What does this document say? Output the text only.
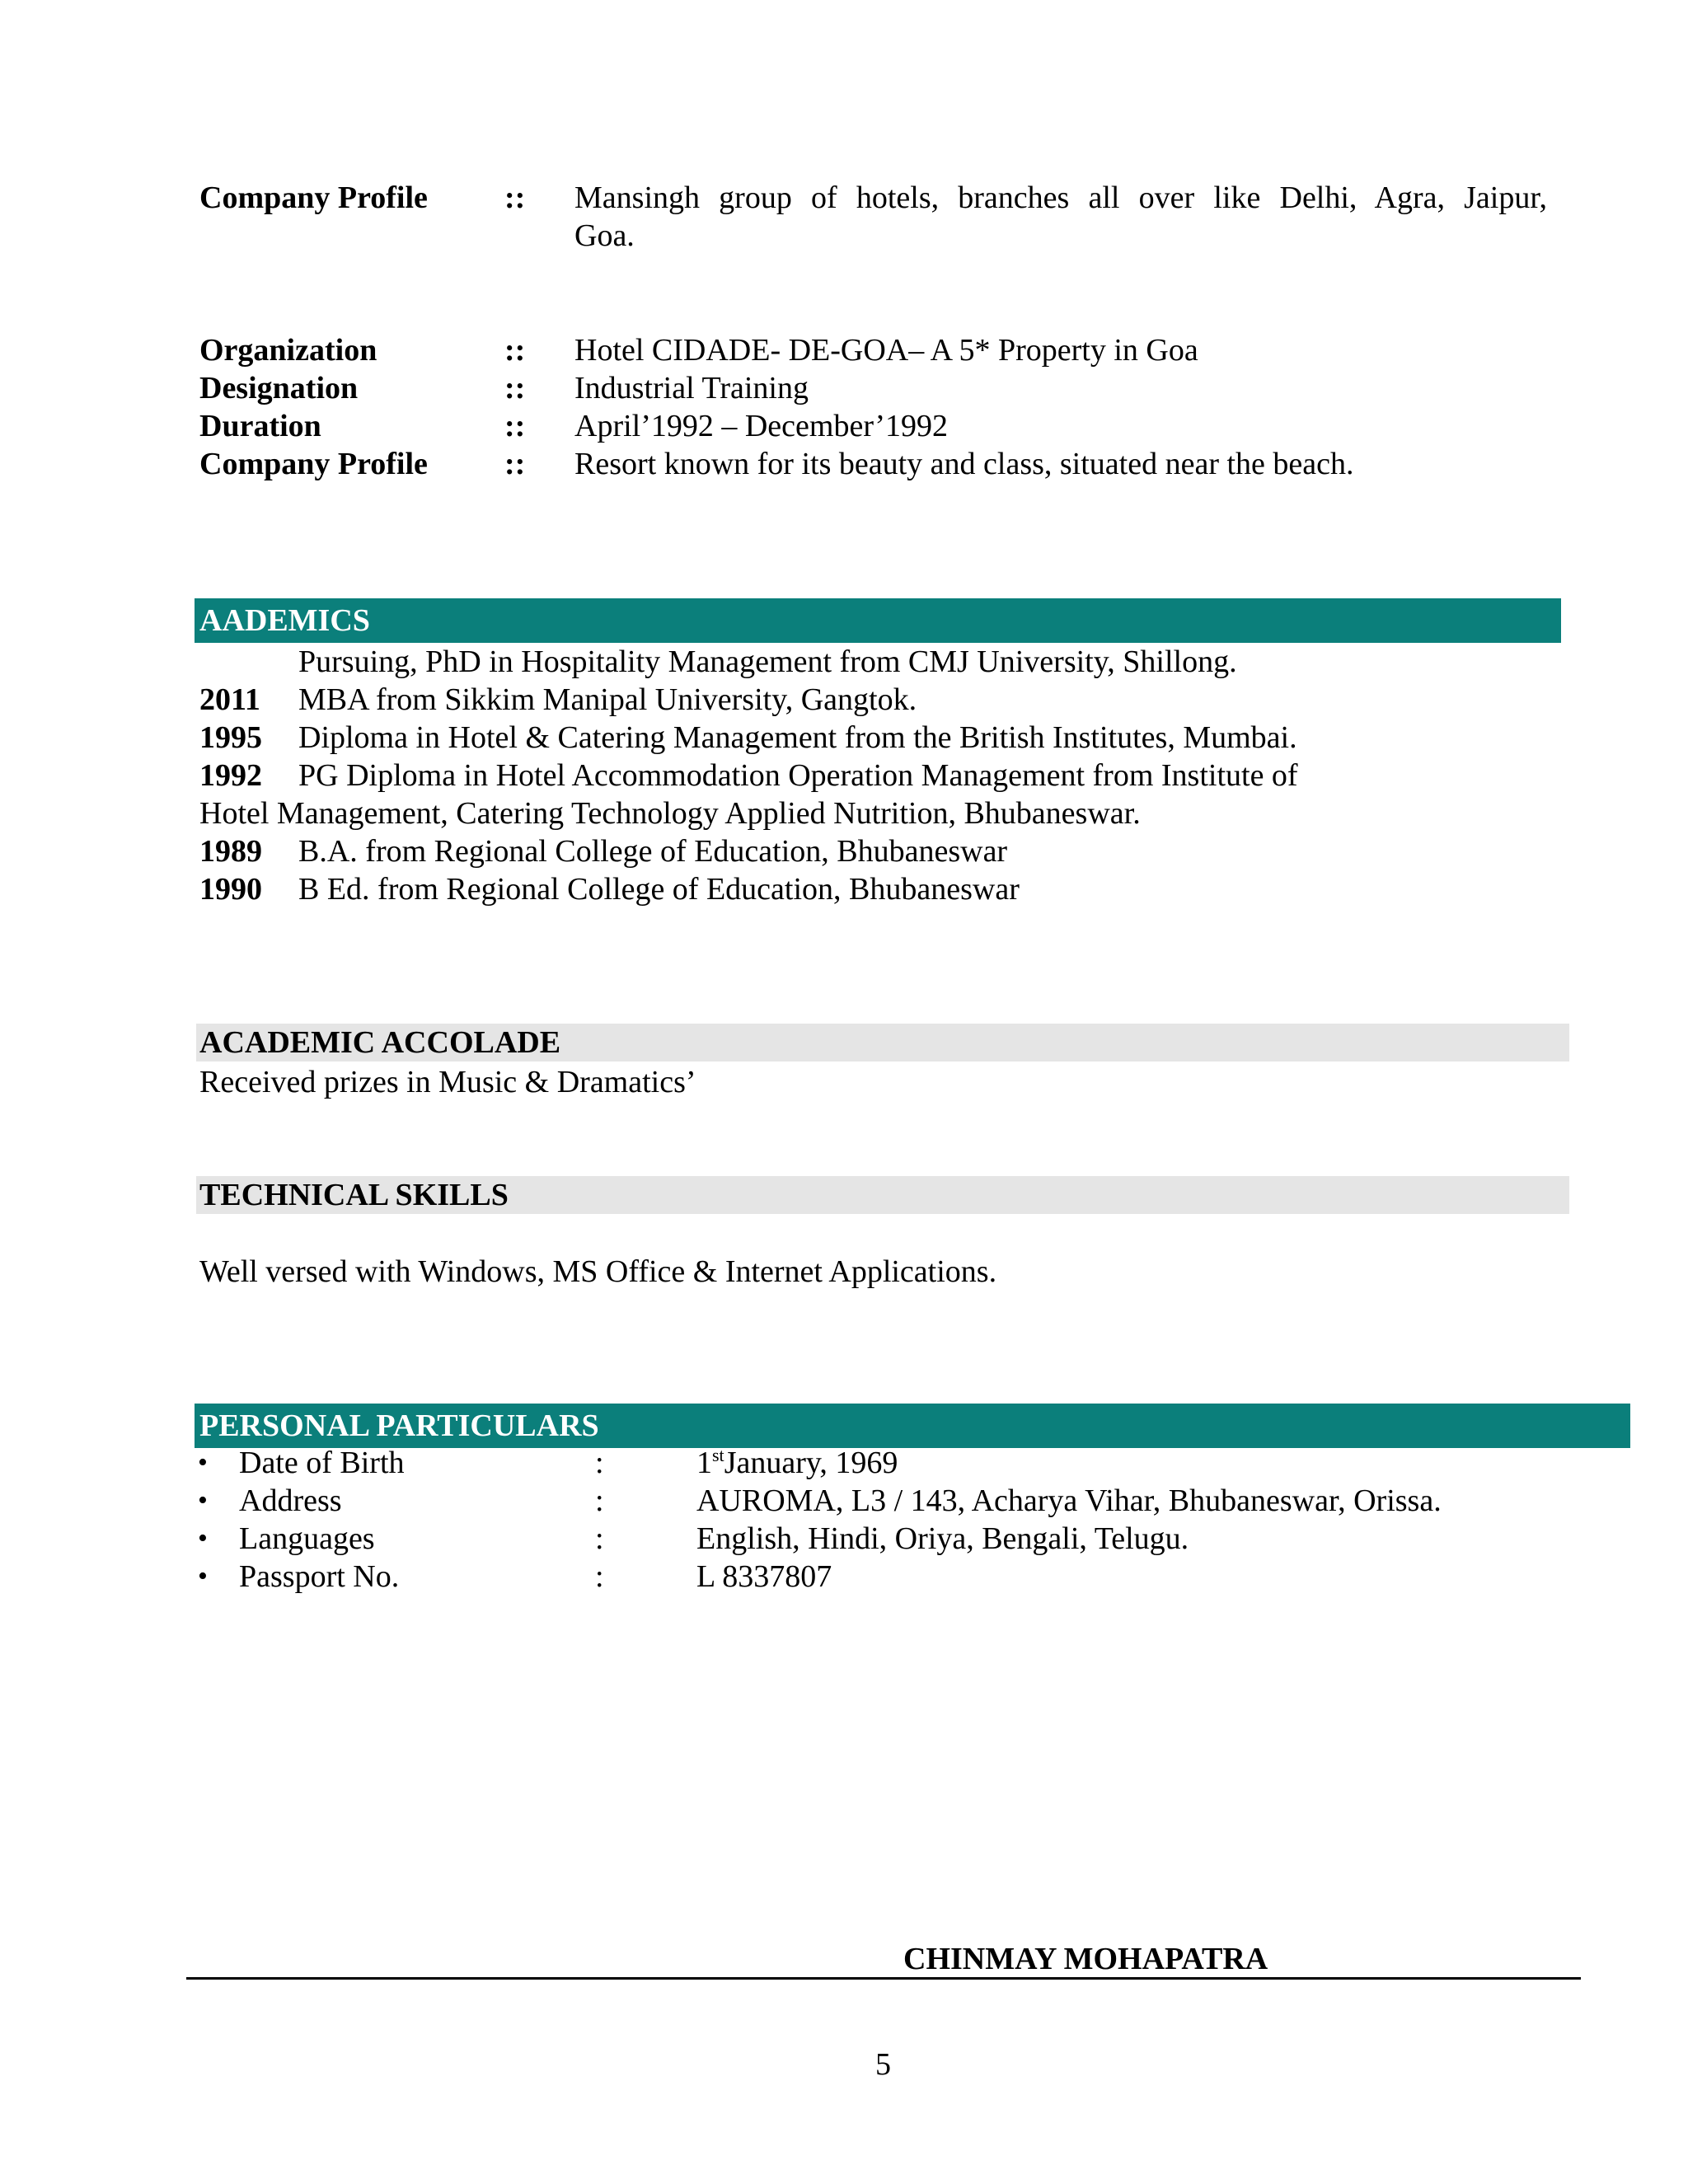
Company Profile :: Mansingh group of hotels, branches all over like Delhi, Agra, Jaipur,
Goa.
Organization	:: Hotel CIDADE- DE-GOA– A 5* Property in Goa
Designation	:: Industrial Training
Duration	:: April’1992 – December’1992
Company Profile :: Resort known for its beauty and class, situated near the beach.
AADEMICS
Pursuing, PhD in Hospitality Management from CMJ University, Shillong.
2011 MBA from Sikkim Manipal University, Gangtok.
1995 Diploma in Hotel & Catering Management from the British Institutes, Mumbai.
1992 PG Diploma in Hotel Accommodation Operation Management from Institute of
Hotel Management, Catering Technology Applied Nutrition, Bhubaneswar.
1989 B.A. from Regional College of Education, Bhubaneswar
1990 B Ed. from Regional College of Education, Bhubaneswar
ACADEMIC ACCOLADE
Received prizes in Music & Dramatics’
TECHNICAL SKILLS
Well versed with Windows, MS Office & Internet Applications.
PERSONAL PARTICULARS
• Date of Birth	:	1stJanuary, 1969
• Address	:	AUROMA, L3 / 143, Acharya Vihar, Bhubaneswar, Orissa.
• Languages	:	English, Hindi, Oriya, Bengali, Telugu.
• Passport No.	:	L 8337807
CHINMAY MOHAPATRA
5
